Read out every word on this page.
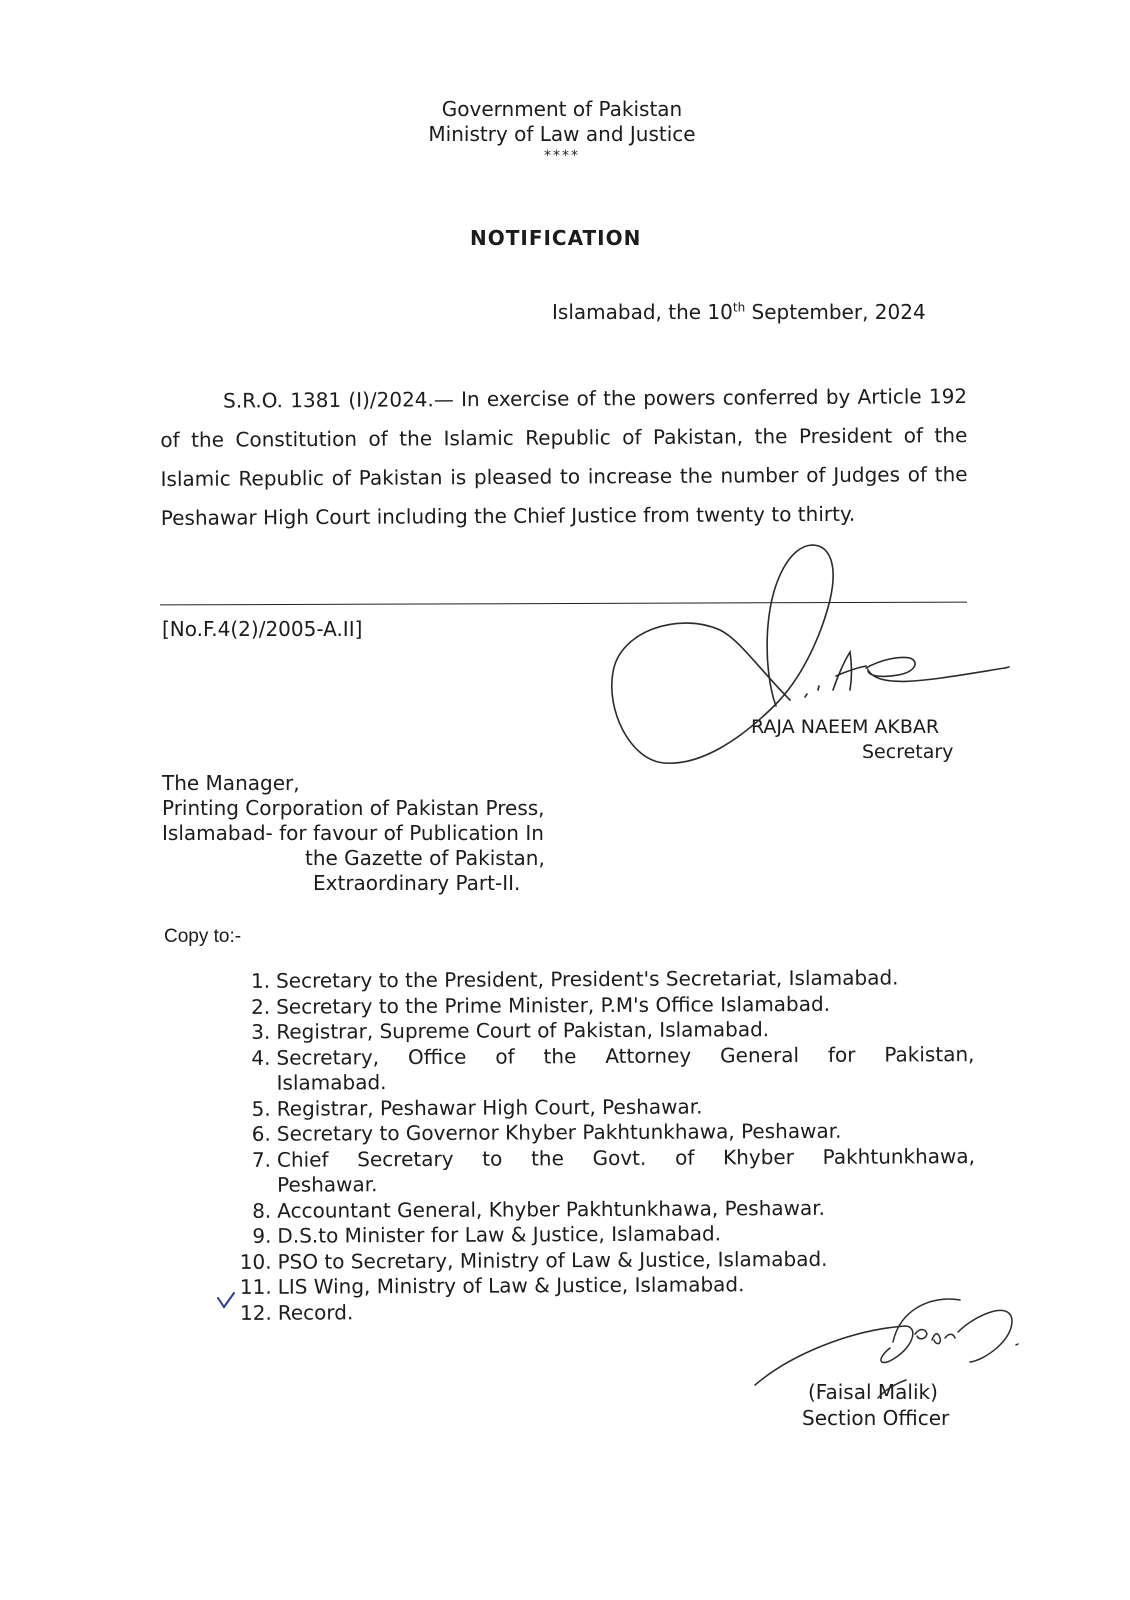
Government of Pakistan
Ministry of Law and Justice
****
NOTIFICATION
Islamabad, the 10th September, 2024
S.R.O. 1381 (I)/2024.— In exercise of the powers conferred by Article 192 of the Constitution of the Islamic Republic of Pakistan, the President of the Islamic Republic of Pakistan is pleased to increase the number of Judges of the Peshawar High Court including the Chief Justice from twenty to thirty.
[No.F.4(2)/2005-A.II]
RAJA NAEEM AKBAR
Secretary
The Manager,
Printing Corporation of Pakistan Press,
Islamabad- for favour of Publication In
the Gazette of Pakistan,
Extraordinary Part-II.
Copy to:-
1. Secretary to the President, President's Secretariat, Islamabad.
2. Secretary to the Prime Minister, P.M's Office Islamabad.
3. Registrar, Supreme Court of Pakistan, Islamabad.
4. Secretary, Office of the Attorney General for Pakistan,
Islamabad.
5. Registrar, Peshawar High Court, Peshawar.
6. Secretary to Governor Khyber Pakhtunkhawa, Peshawar.
7. Chief Secretary to the Govt. of Khyber Pakhtunkhawa,
Peshawar.
8. Accountant General, Khyber Pakhtunkhawa, Peshawar.
9. D.S.to Minister for Law & Justice, Islamabad.
10. PSO to Secretary, Ministry of Law & Justice, Islamabad.
11. LIS Wing, Ministry of Law & Justice, Islamabad.
12. Record.
(Faisal Malik)
Section Officer
